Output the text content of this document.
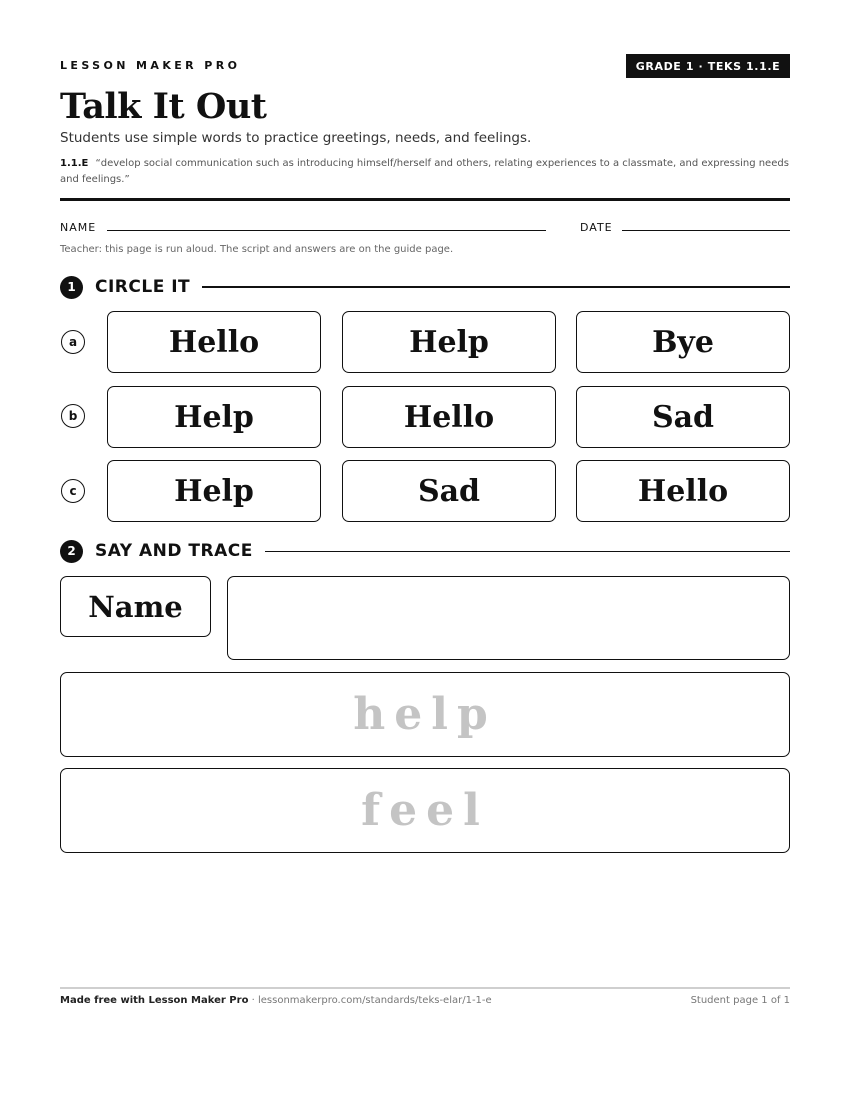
LESSON MAKER PRO	GRADE 1 · TEKS 1.1.E
Talk It Out
Students use simple words to practice greetings, needs, and feelings.
1.1.E “develop social communication such as introducing himself/herself and others, relating experiences to a classmate, and expressing needs and feelings.”
NAME	DATE
Teacher: this page is run aloud. The script and answers are on the guide page.
1	CIRCLE IT
a	Hello	Help	Bye
b	Help	Hello	Sad
c	Help	Sad	Hello
2	SAY AND TRACE
Name
help
feel
Made free with Lesson Maker Pro · lessonmakerpro.com/standards/teks-elar/1-1-e	Student page 1 of 1
